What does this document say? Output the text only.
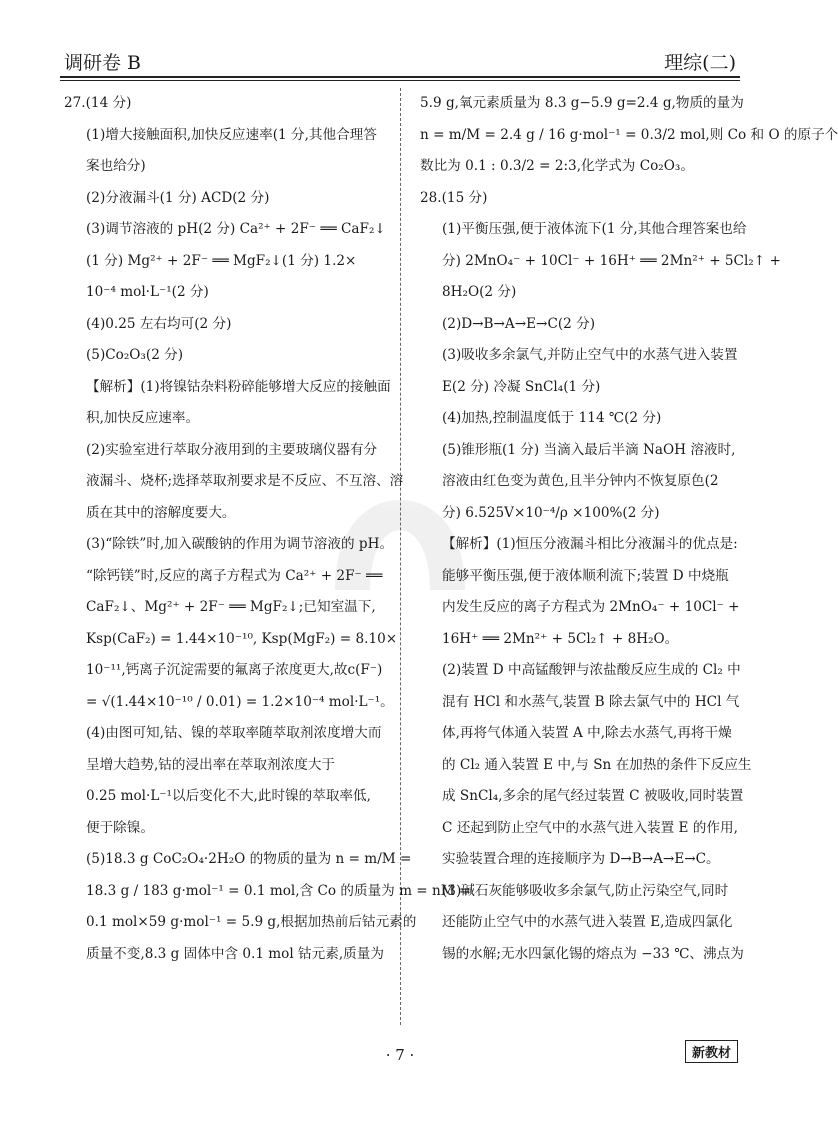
调研卷 B	理综(二)

27.(14 分)

(1)增大接触面积,加快反应速率(1 分,其他合理答

案也给分)

(2)分液漏斗(1 分) ACD(2 分)

(3)调节溶液的 pH(2 分) Ca²⁺ + 2F⁻ ══ CaF₂↓

(1 分) Mg²⁺ + 2F⁻ ══ MgF₂↓(1 分) 1.2×

10⁻⁴ mol·L⁻¹(2 分)

(4)0.25 左右均可(2 分)

(5)Co₂O₃(2 分)

【解析】(1)将镍钴杂料粉碎能够增大反应的接触面

积,加快反应速率。

(2)实验室进行萃取分液用到的主要玻璃仪器有分

液漏斗、烧杯;选择萃取剂要求是不反应、不互溶、溶

质在其中的溶解度要大。

(3)“除铁”时,加入碳酸钠的作用为调节溶液的 pH。

“除钙镁”时,反应的离子方程式为 Ca²⁺ + 2F⁻ ══

CaF₂↓、Mg²⁺ + 2F⁻ ══ MgF₂↓;已知室温下,

Ksp(CaF₂) = 1.44×10⁻¹⁰, Ksp(MgF₂) = 8.10×

10⁻¹¹,钙离子沉淀需要的氟离子浓度更大,故c(F⁻)

= √(1.44×10⁻¹⁰ / 0.01) = 1.2×10⁻⁴ mol·L⁻¹。

(4)由图可知,钴、镍的萃取率随萃取剂浓度增大而

呈增大趋势,钴的浸出率在萃取剂浓度大于

0.25 mol·L⁻¹以后变化不大,此时镍的萃取率低,

便于除镍。

(5)18.3 g CoC₂O₄·2H₂O 的物质的量为 n = m/M =

18.3 g / 183 g·mol⁻¹ = 0.1 mol,含 Co 的质量为 m = nM =

0.1 mol×59 g·mol⁻¹ = 5.9 g,根据加热前后钴元素的

质量不变,8.3 g 固体中含 0.1 mol 钴元素,质量为

5.9 g,氧元素质量为 8.3 g−5.9 g=2.4 g,物质的量为

n = m/M = 2.4 g / 16 g·mol⁻¹ = 0.3/2 mol,则 Co 和 O 的原子个

数比为 0.1 : 0.3/2 = 2:3,化学式为 Co₂O₃。

28.(15 分)

(1)平衡压强,便于液体流下(1 分,其他合理答案也给

分) 2MnO₄⁻ + 10Cl⁻ + 16H⁺ ══ 2Mn²⁺ + 5Cl₂↑ +

8H₂O(2 分)

(2)D→B→A→E→C(2 分)

(3)吸收多余氯气,并防止空气中的水蒸气进入装置

E(2 分) 冷凝 SnCl₄(1 分)

(4)加热,控制温度低于 114 ℃(2 分)

(5)锥形瓶(1 分) 当滴入最后半滴 NaOH 溶液时,

溶液由红色变为黄色,且半分钟内不恢复原色(2

分) 6.525V×10⁻⁴/ρ ×100%(2 分)

【解析】(1)恒压分液漏斗相比分液漏斗的优点是:

能够平衡压强,便于液体顺利流下;装置 D 中烧瓶

内发生反应的离子方程式为 2MnO₄⁻ + 10Cl⁻ +

16H⁺ ══ 2Mn²⁺ + 5Cl₂↑ + 8H₂O。

(2)装置 D 中高锰酸钾与浓盐酸反应生成的 Cl₂ 中

混有 HCl 和水蒸气,装置 B 除去氯气中的 HCl 气

体,再将气体通入装置 A 中,除去水蒸气,再将干燥

的 Cl₂ 通入装置 E 中,与 Sn 在加热的条件下反应生

成 SnCl₄,多余的尾气经过装置 C 被吸收,同时装置

C 还起到防止空气中的水蒸气进入装置 E 的作用,

实验装置合理的连接顺序为 D→B→A→E→C。

(3)碱石灰能够吸收多余氯气,防止污染空气,同时

还能防止空气中的水蒸气进入装置 E,造成四氯化

锡的水解;无水四氯化锡的熔点为 −33 ℃、沸点为

· 7 ·	新教材
